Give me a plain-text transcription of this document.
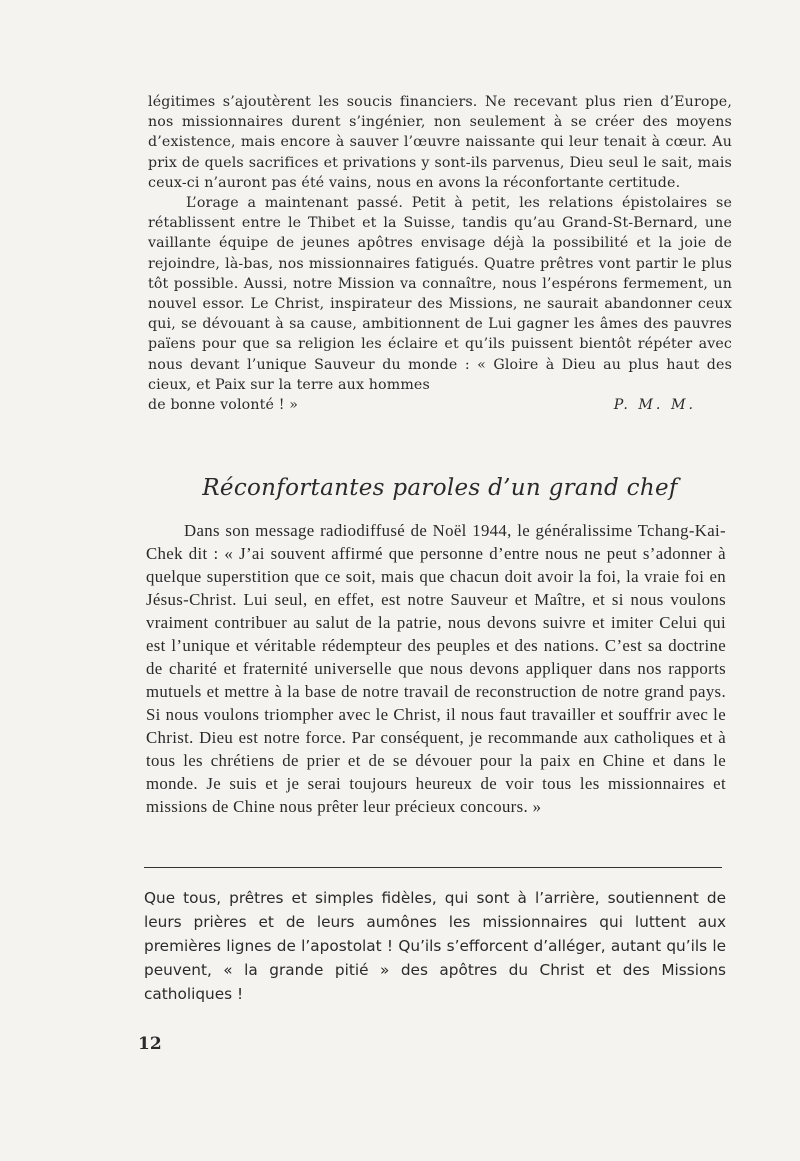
légitimes s’ajoutèrent les soucis financiers. Ne recevant plus rien d’Europe, nos missionnaires durent s’ingénier, non seulement à se créer des moyens d’existence, mais encore à sauver l’œuvre naissante qui leur tenait à cœur. Au prix de quels sacrifices et privations y sont-ils parvenus, Dieu seul le sait, mais ceux-ci n’auront pas été vains, nous en avons la réconfortante certitude.

L’orage a maintenant passé. Petit à petit, les relations épistolaires se rétablissent entre le Thibet et la Suisse, tandis qu’au Grand-St-Bernard, une vaillante équipe de jeunes apôtres envisage déjà la possibilité et la joie de rejoindre, là-bas, nos missionnaires fatigués. Quatre prêtres vont partir le plus tôt possible. Aussi, notre Mission va connaître, nous l’espérons fermement, un nouvel essor. Le Christ, inspirateur des Missions, ne saurait abandonner ceux qui, se dévouant à sa cause, ambitionnent de Lui gagner les âmes des pauvres païens pour que sa religion les éclaire et qu’ils puissent bientôt répéter avec nous devant l’unique Sauveur du monde : « Gloire à Dieu au plus haut des cieux, et Paix sur la terre aux hommes

de bonne volonté ! »	P. M. M.
Réconfortantes paroles d’un grand chef

Dans son message radiodiffusé de Noël 1944, le généralissime Tchang-Kai-Chek dit : « J’ai souvent affirmé que personne d’entre nous ne peut s’adonner à quelque superstition que ce soit, mais que chacun doit avoir la foi, la vraie foi en Jésus-Christ. Lui seul, en effet, est notre Sauveur et Maître, et si nous voulons vraiment contribuer au salut de la patrie, nous devons suivre et imiter Celui qui est l’unique et véritable rédempteur des peuples et des nations. C’est sa doctrine de charité et fraternité universelle que nous devons appliquer dans nos rapports mutuels et mettre à la base de notre travail de reconstruction de notre grand pays. Si nous voulons triompher avec le Christ, il nous faut travailler et souffrir avec le Christ. Dieu est notre force. Par conséquent, je recommande aux catholiques et à tous les chrétiens de prier et de se dévouer pour la paix en Chine et dans le monde. Je suis et je serai toujours heureux de voir tous les missionnaires et missions de Chine nous prêter leur précieux concours. »

Que tous, prêtres et simples fidèles, qui sont à l’arrière, soutiennent de leurs prières et de leurs aumônes les missionnaires qui luttent aux premières lignes de l’apostolat ! Qu’ils s’efforcent d’alléger, autant qu’ils le peuvent, « la grande pitié » des apôtres du Christ et des Missions catholiques !

12
